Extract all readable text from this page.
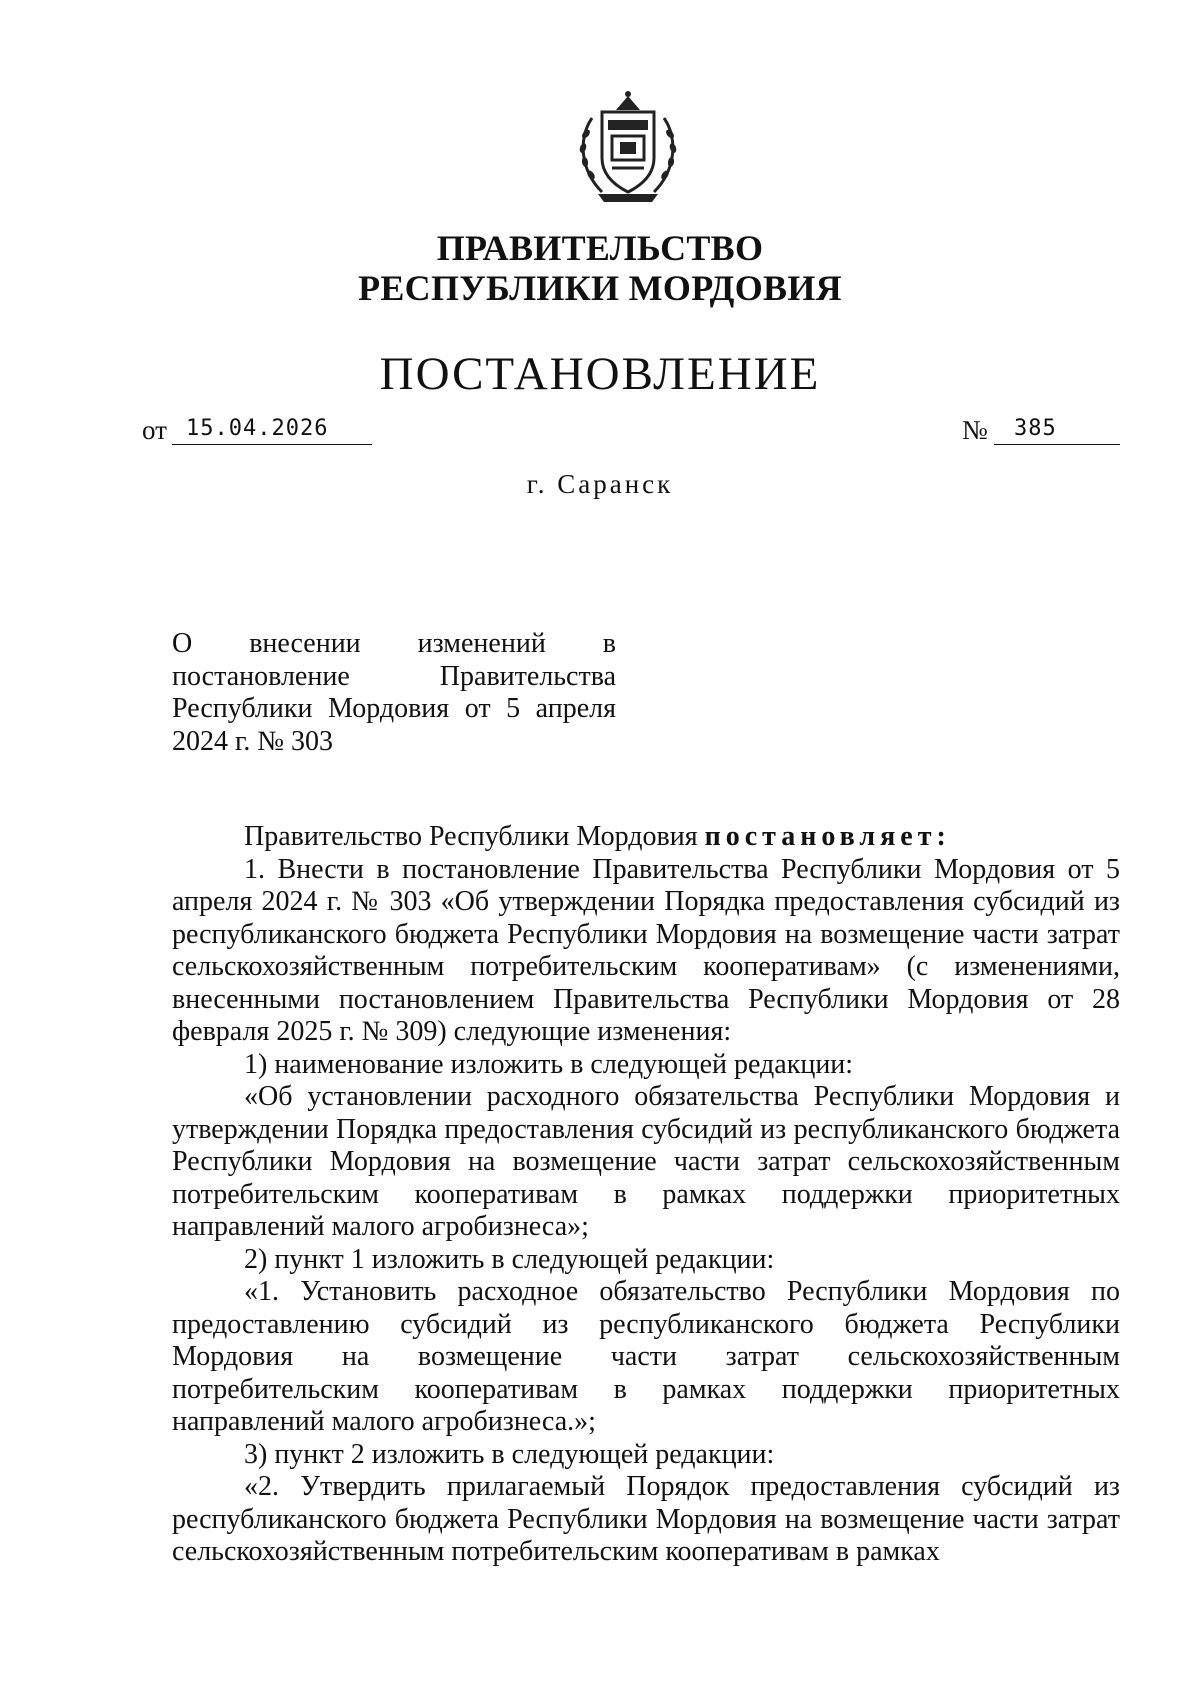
ПРАВИТЕЛЬСТВО
РЕСПУБЛИКИ МОРДОВИЯ
ПОСТАНОВЛЕНИЕ
от 15.04.2026	№	385
г. Саранск
О внесении изменений в постановление Правительства Республики Мордовия от 5 апреля 2024 г. № 303

Правительство Республики Мордовия постановляет:

1. Внести в постановление Правительства Республики Мордовия от 5 апреля 2024 г. № 303 «Об утверждении Порядка предоставления субсидий из республиканского бюджета Республики Мордовия на возмещение части затрат сельскохозяйственным потребительским кооперативам» (с изменениями, внесенными постановлением Правительства Республики Мордовия от 28 февраля 2025 г. № 309) следующие изменения:

1) наименование изложить в следующей редакции:

«Об установлении расходного обязательства Республики Мордовия и утверждении Порядка предоставления субсидий из республиканского бюджета Республики Мордовия на возмещение части затрат сельскохозяйственным потребительским кооперативам в рамках поддержки приоритетных направлений малого агробизнеса»;

2) пункт 1 изложить в следующей редакции:

«1. Установить расходное обязательство Республики Мордовия по предоставлению субсидий из республиканского бюджета Республики Мордовия на возмещение части затрат сельскохозяйственным потребительским кооперативам в рамках поддержки приоритетных направлений малого агробизнеса.»;

3) пункт 2 изложить в следующей редакции:

«2. Утвердить прилагаемый Порядок предоставления субсидий из республиканского бюджета Республики Мордовия на возмещение части затрат сельскохозяйственным потребительским кооперативам в рамках
